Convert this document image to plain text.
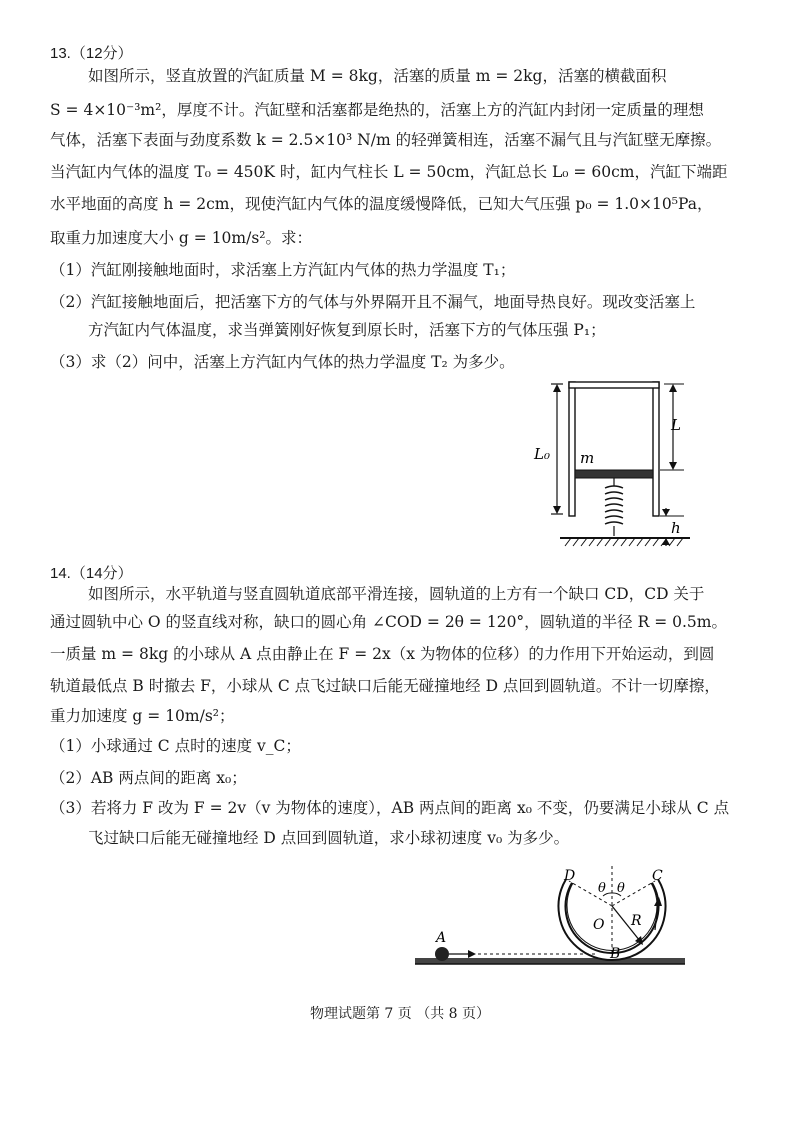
13.（12分）
如图所示，竖直放置的汽缸质量 M = 8kg，活塞的质量 m = 2kg，活塞的横截面积
S = 4×10⁻³m²，厚度不计。汽缸壁和活塞都是绝热的，活塞上方的汽缸内封闭一定质量的理想
气体，活塞下表面与劲度系数 k = 2.5×10³ N/m 的轻弹簧相连，活塞不漏气且与汽缸壁无摩擦。
当汽缸内气体的温度 T₀ = 450K 时，缸内气柱长 L = 50cm，汽缸总长 L₀ = 60cm，汽缸下端距
水平地面的高度 h = 2cm，现使汽缸内气体的温度缓慢降低，已知大气压强 p₀ = 1.0×10⁵Pa，
取重力加速度大小 g = 10m/s²。求：
（1）汽缸刚接触地面时，求活塞上方汽缸内气体的热力学温度 T₁；
（2）汽缸接触地面后，把活塞下方的气体与外界隔开且不漏气，地面导热良好。现改变活塞上
方汽缸内气体温度，求当弹簧刚好恢复到原长时，活塞下方的气体压强 P₁；
（3）求（2）问中，活塞上方汽缸内气体的热力学温度 T₂ 为多少。
L
L₀ m
h
14.（14分）
如图所示，水平轨道与竖直圆轨道底部平滑连接，圆轨道的上方有一个缺口 CD，CD 关于
通过圆轨中心 O 的竖直线对称，缺口的圆心角 ∠COD = 2θ = 120°，圆轨道的半径 R = 0.5m。
一质量 m = 8kg 的小球从 A 点由静止在 F = 2x（x 为物体的位移）的力作用下开始运动，到圆
轨道最低点 B 时撤去 F，小球从 C 点飞过缺口后能无碰撞地经 D 点回到圆轨道。不计一切摩擦，
重力加速度 g = 10m/s²；
（1）小球通过 C 点时的速度 v_C；
（2）AB 两点间的距离 x₀；
（3）若将力 F 改为 F = 2v（v 为物体的速度），AB 两点间的距离 x₀ 不变，仍要满足小球从 C 点
飞过缺口后能无碰撞地经 D 点回到圆轨道，求小球初速度 v₀ 为多少。
A
B
C
D
O R
θ θ
物理试题第 7 页 （共 8 页）
